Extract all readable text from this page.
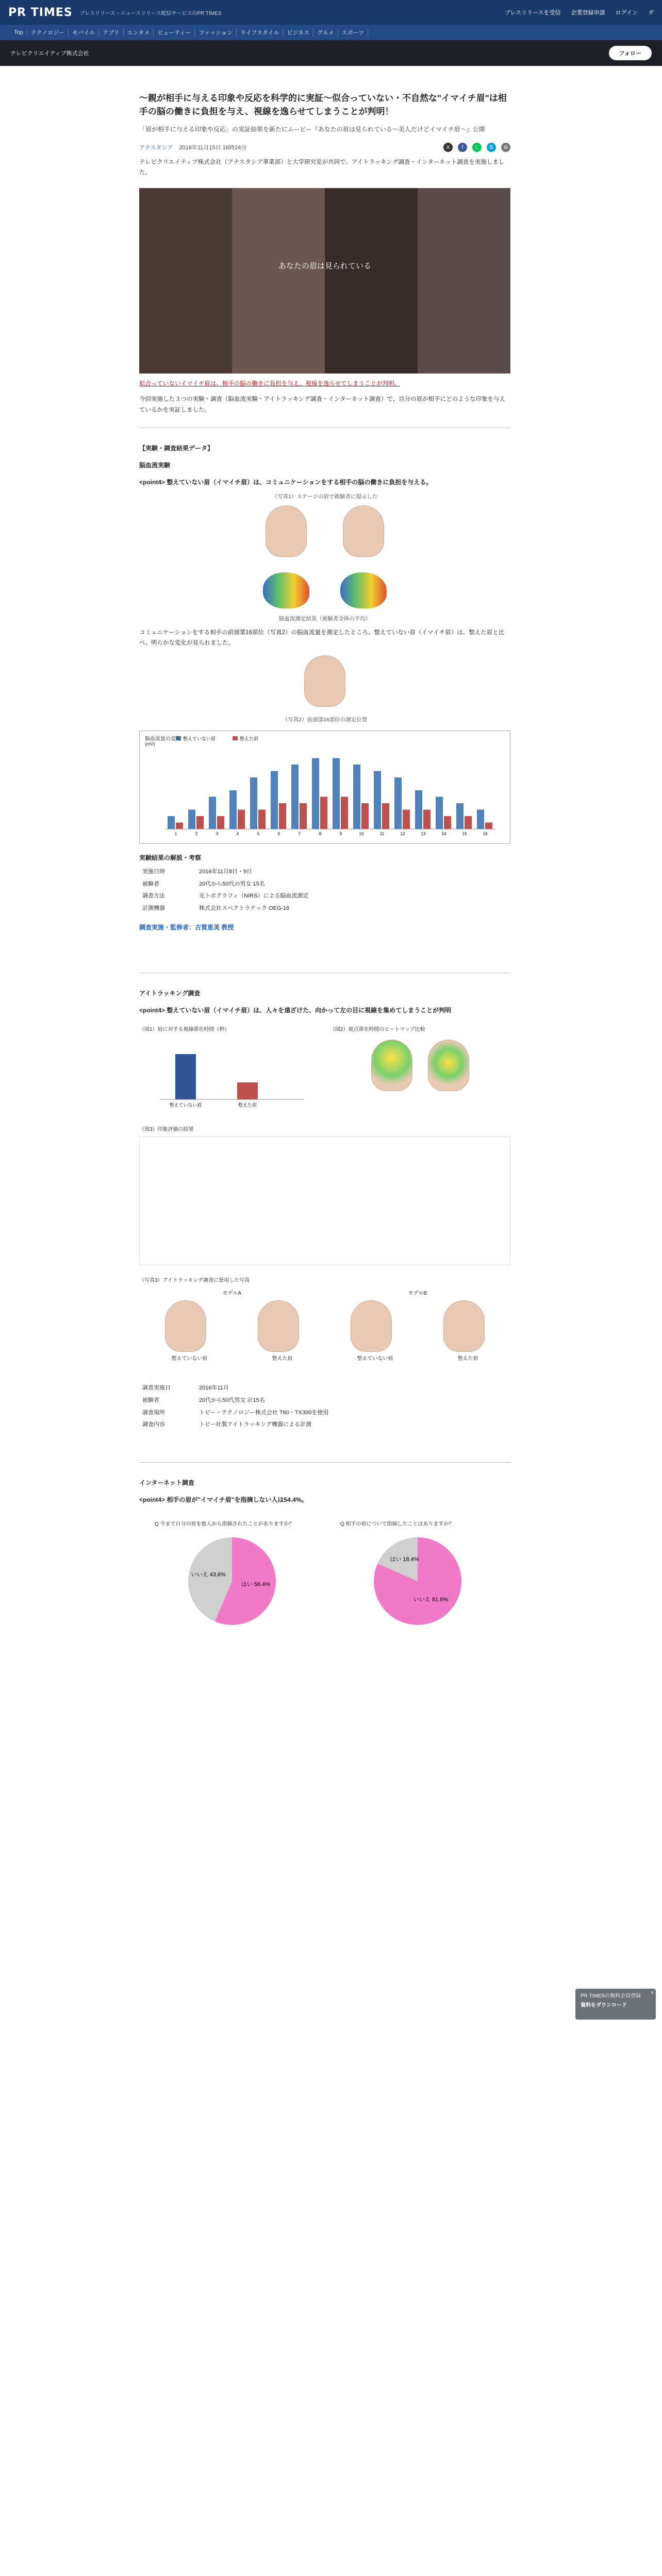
PR TIMES プレスリリース・ニュースリリース配信サービスのPR TIMES	プレスリリースを受信 企業登録申請 ログイン ダ
Top	テクノロジー	モバイル	アプリ	エンタメ	ビューティー	ファッション	ライフスタイル	ビジネス	グルメ	スポーツ
テレビクリエイティブ株式会社	フォロー
〜親が相手に与える印象や反応を科学的に実証〜似合っていない・不自然な"イマイチ眉"は相手の脳の働きに負担を与え、視線を逸らせてしまうことが判明！

「眉が相手に与える印象や反応」の実証結果を新たにムービー『あなたの眉は見られている～美人だけどイマイチ眉～』公開

アナスタシア 2016年11月15日 16時24分	X	f	L	B	⧉

テレビクリエイティブ株式会社（アナスタシア事業部）と大学研究室が共同で、アイトラッキング調査・インターネット調査を実施しました。

あなたの眉は見られている

似合っていないイマイチ眉は、相手の脳の働きに負担を与え、視線を逸らせてしまうことが判明。

今回実施した３つの実験・調査（脳血流実験・アイトラッキング調査・インターネット調査）で、自分の眉が相手にどのような印象を与えているかを実証しました。

【実験・調査結果データ】
脳血流実験
<point4> 整えていない眉（イマイチ眉）は、コミュニケーションをする相手の脳の働きに負担を与える。
（写真1）ステージの眉で被験者に提示した
脳血流測定結果（被験者全体の平均）

コミュニケーションをする相手の前頭葉16部位（写真2）の脳血流量を測定したところ、整えていない眉（イマイチ眉）は、整えた眉と比べ、明らかな変化が見られました。

（写真2）前頭部16部位の測定位置
脳血流量の変化
(mV)
1	2	3	4	5	6	7	8	9	10	11	12	13	14	15	16
整えていない眉	整えた眉
実験結果の解説・考察
実施日時	2016年11月8日・9日
被験者	20代から50代の男女 15名
調査方法	光トポグラフィ（NIRS）による脳血流測定
計測機器	株式会社スペクトラテック OEG-16
調査実施・監修者：古賀恵美 教授
アイトラッキング調査
<point4> 整えていない眉（イマイチ眉）は、人々を遠ざけた、向かって左の目に視線を集めてしまうことが判明
（図1）眉に対する視線滞在時間（秒）
整えていない眉	整えた眉
（図2）視点滞在時間のヒートマップ比較
（図3）印象評価の結果
（写真3）アイトラッキング調査に使用した写真
モデルA	モデルB
整えていない眉	整えた眉	整えていない眉	整えた眉
調査実施日	2016年11月
被験者	20代から50代男女 計15名
調査場所	トビー・テクノロジー株式会社 T60・TX300を使用
調査内容	トビー社製アイトラッキング機器による計測
インターネット調査
<point4> 相手の眉が"イマイチ眉"を指摘しない人は54.4%。
Q 今まで自分の眉を他人から指摘されたことがありますか？
はい 56.4%
いいえ 43.6%
Q 相手の眉について指摘したことはありますか？
いいえ 81.6%
はい 18.4%
PR TIMESの無料会員登録
資料をダウンロード
×
